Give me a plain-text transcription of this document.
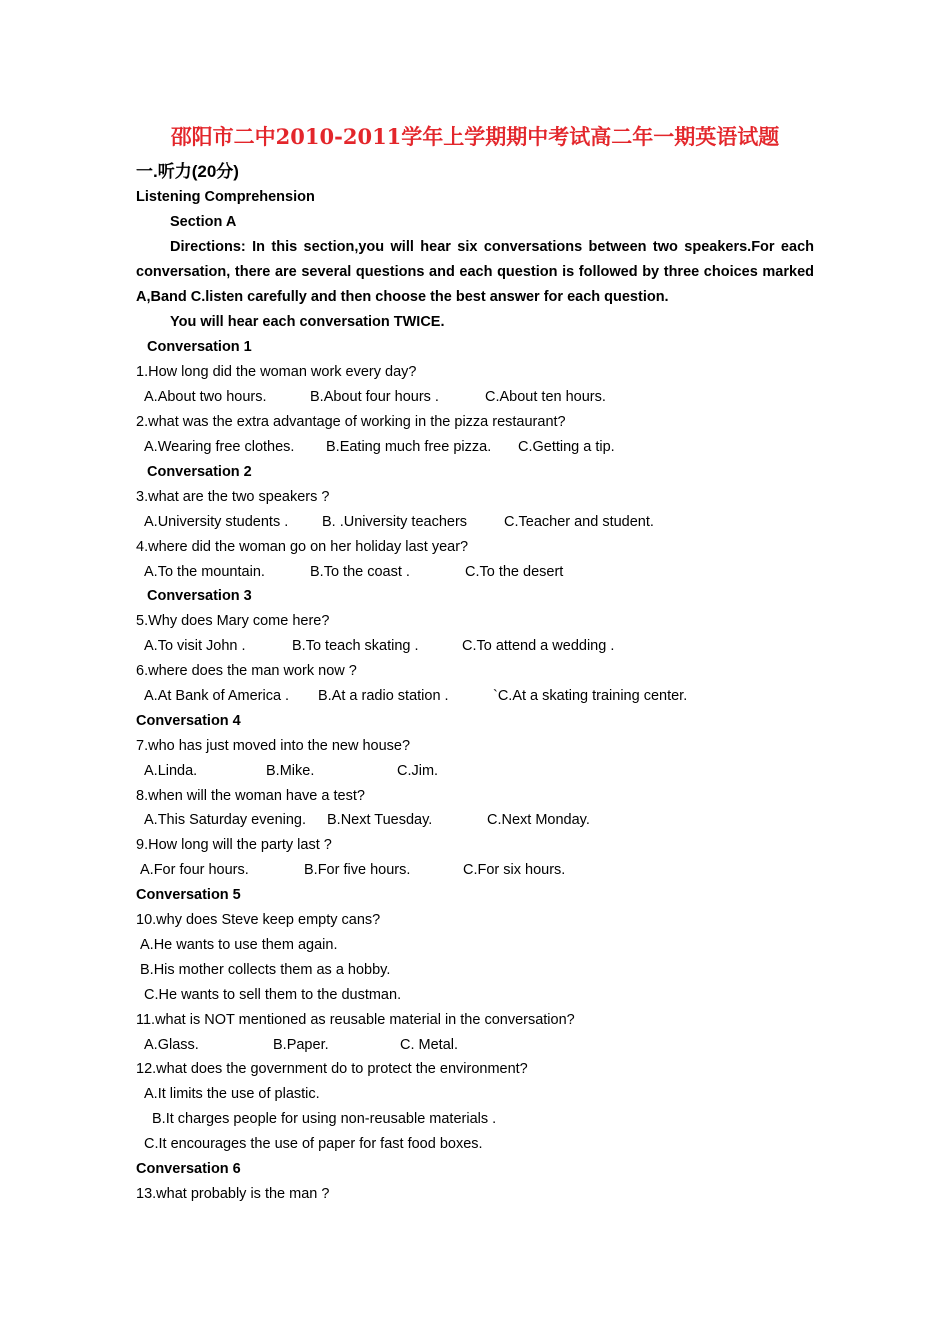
邵阳市二中2010-2011学年上学期期中考试高二年一期英语试题
一.听力(20分)
Listening Comprehension
Section A

Directions: In this section,you will hear six conversations between two speakers.For each conversation, there are several questions and each question is followed by three choices marked A,Band C.listen carefully and then choose the best answer for each question.

You will hear each conversation TWICE.
Conversation 1
1.How long did the woman work every day?
A.About two hours.	B.About four hours .	C.About ten hours.
2.what was the extra advantage of working in the pizza restaurant?
A.Wearing free clothes. B.Eating much free pizza. C.Getting a tip.
Conversation 2
3.what are the two speakers ?
A.University students . B. .University teachers	C.Teacher and student.
4.where did the woman go on her holiday last year?
A.To the mountain.	B.To the coast .	C.To the desert
Conversation 3
5.Why does Mary come here?
A.To visit John .	B.To teach skating .	C.To attend a wedding .
6.where does the man work now ?
A.At Bank of America . B.At a radio station .	`C.At a skating training center.
Conversation 4
7.who has just moved into the new house?
A.Linda.	B.Mike.	C.Jim.
8.when will the woman have a test?
A.This Saturday evening. B.Next Tuesday.	C.Next Monday.
9.How long will the party last ?
A.For four hours.	B.For five hours.	C.For six hours.
Conversation 5
10.why does Steve keep empty cans?
A.He wants to use them again.
B.His mother collects them as a hobby.
C.He wants to sell them to the dustman.
11.what is NOT mentioned as reusable material in the conversation?
A.Glass.	B.Paper.	C. Metal.
12.what does the government do to protect the environment?
A.It limits the use of plastic.
B.It charges people for using non-reusable materials .
C.It encourages the use of paper for fast food boxes.
Conversation 6
13.what probably is the man ?
